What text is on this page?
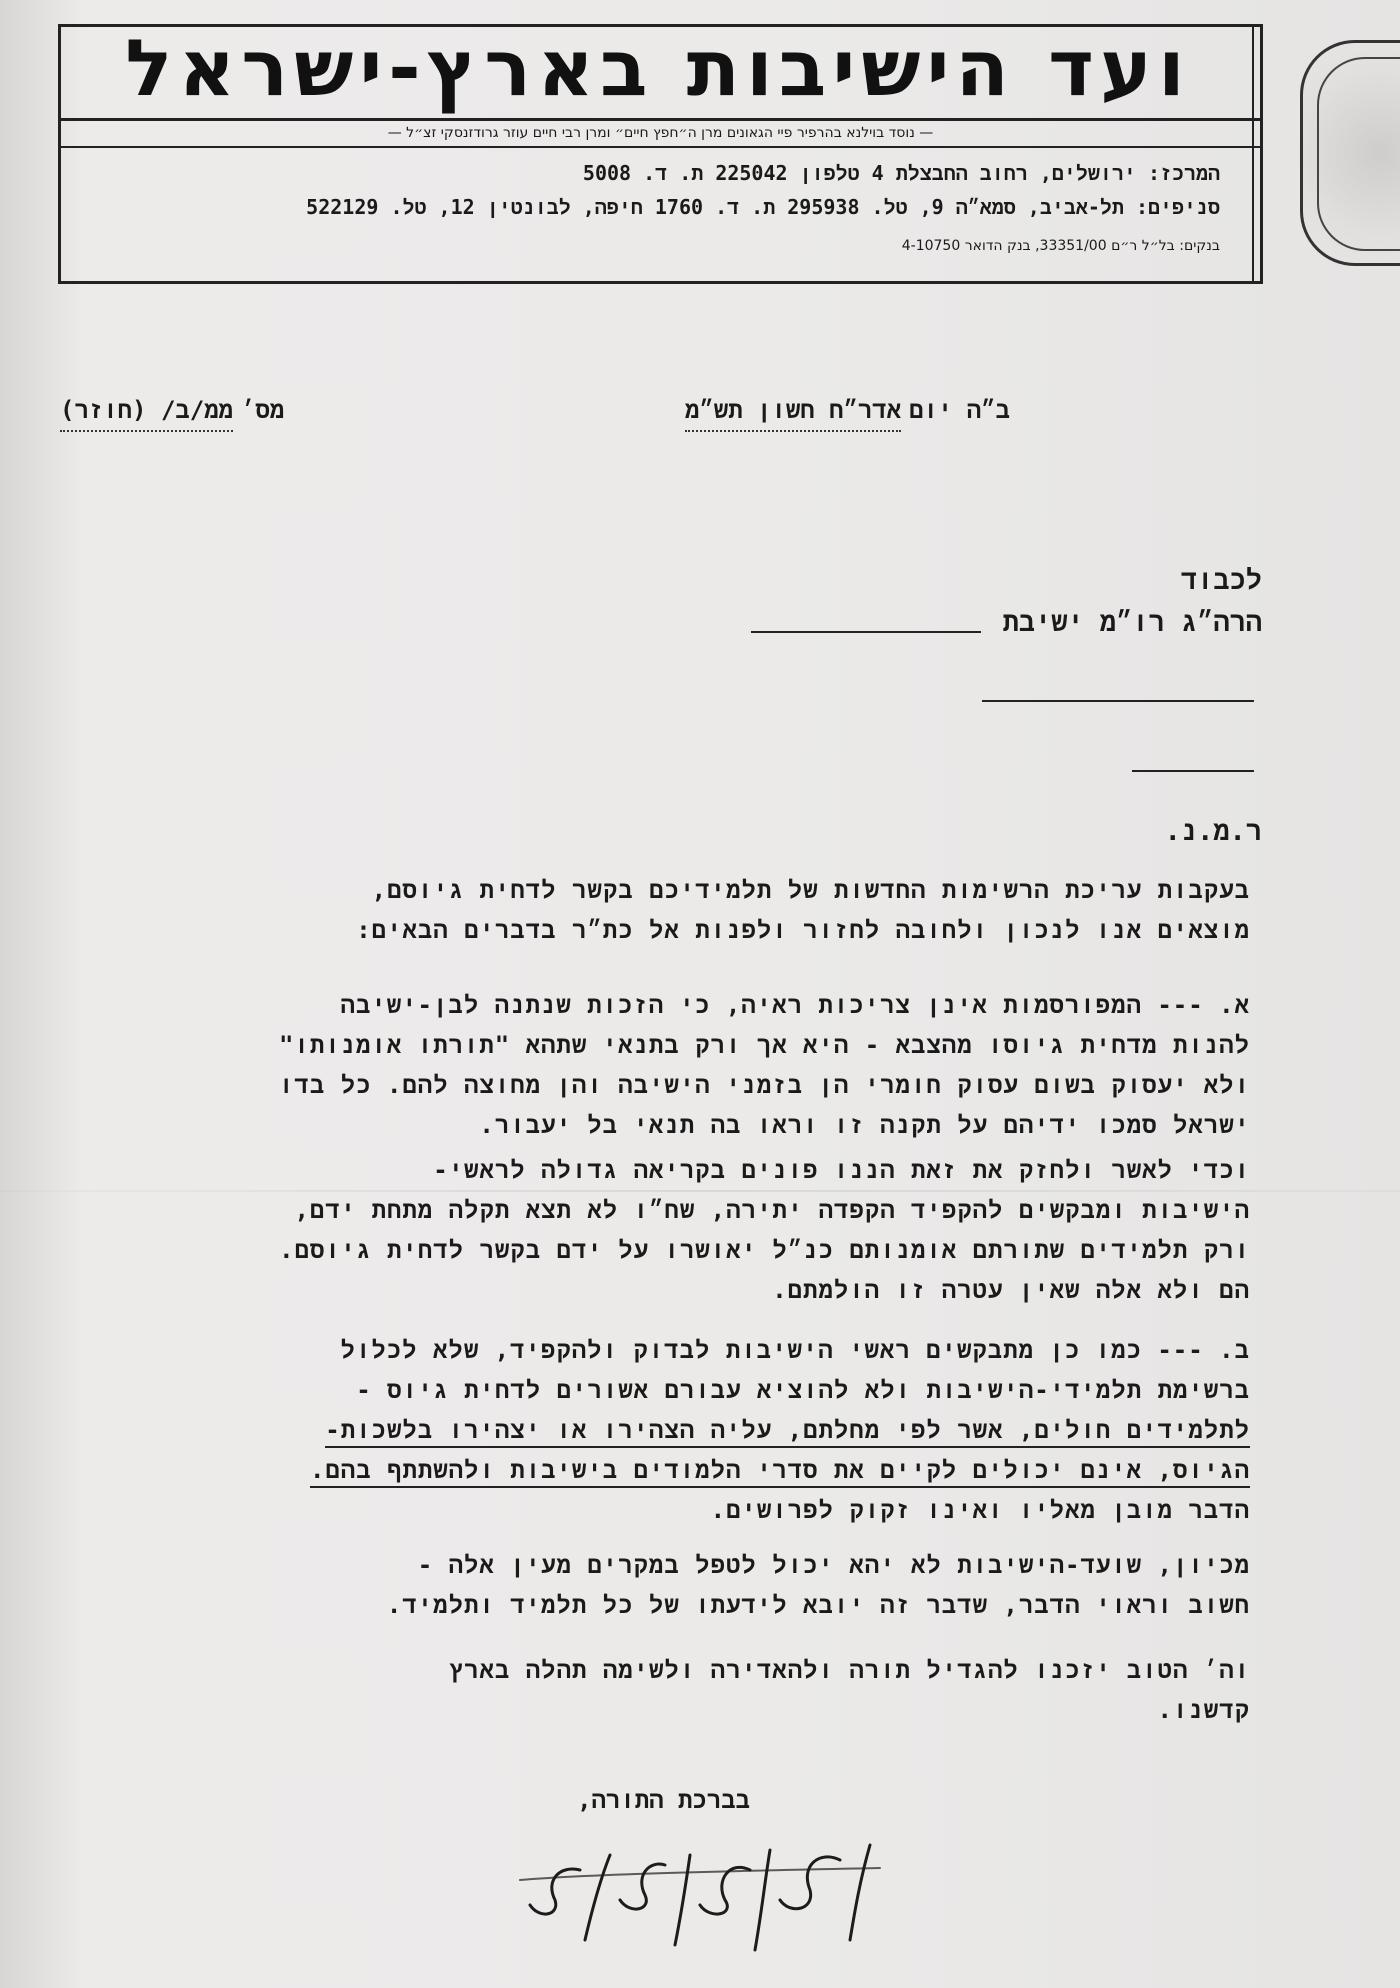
ועד הישיבות בארץ-ישראל
— נוסד בוילנא בהרפיר פיי הגאונים מרן ה״חפץ חיים״ ומרן רבי חיים עוזר גרודזנסקי זצ״ל —
המרכז: ירושלים, רחוב החבצלת 4 טלפון 225042 ת. ד. 5008
סניפים: תל-אביב, סמא״ה 9, טל. 295938 ת. ד. 1760 חיפה, לבונטין 12, טל. 522129
בנקים: בל״ל ר״ם 33351/00, בנק הדואר 4-10750
ב״ה יום
אדר״ח חשון תש״מ
מס׳
ממ/ב/ (חוזר)
לכבוד
הרה״ג רו״מ ישיבת
ר.מ.נ.
בעקבות עריכת הרשימות החדשות של תלמידיכם בקשר לדחית גיוסם,
מוצאים אנו לנכון ולחובה לחזור ולפנות אל כת״ר בדברים הבאים:
א. --- המפורסמות אינן צריכות ראיה, כי הזכות שנתנה לבן-ישיבה
להנות מדחית גיוסו מהצבא - היא אך ורק בתנאי שתהא "תורתו אומנותו"
ולא יעסוק בשום עסוק חומרי הן בזמני הישיבה והן מחוצה להם. כל בדו
ישראל סמכו ידיהם על תקנה זו וראו בה תנאי בל יעבור.
וכדי לאשר ולחזק את זאת הננו פונים בקריאה גדולה לראשי-
הישיבות ומבקשים להקפיד הקפדה יתירה, שח״ו לא תצא תקלה מתחת ידם,
ורק תלמידים שתורתם אומנותם כנ״ל יאושרו על ידם בקשר לדחית גיוסם.
הם ולא אלה שאין עטרה זו הולמתם.
ב. --- כמו כן מתבקשים ראשי הישיבות לבדוק ולהקפיד, שלא לכלול
ברשימת תלמידי-הישיבות ולא להוציא עבורם אשורים לדחית גיוס -
לתלמידים חולים, אשר לפי מחלתם, עליה הצהירו או יצהירו בלשכות-
הגיוס, אינם יכולים לקיים את סדרי הלמודים בישיבות ולהשתתף בהם.
הדבר מובן מאליו ואינו זקוק לפרושים.
מכיון, שועד-הישיבות לא יהא יכול לטפל במקרים מעין אלה -
חשוב וראוי הדבר, שדבר זה יובא לידעתו של כל תלמיד ותלמיד.
וה׳ הטוב יזכנו להגדיל תורה ולהאדירה ולשימה תהלה בארץ
קדשנו.
בברכת התורה,
